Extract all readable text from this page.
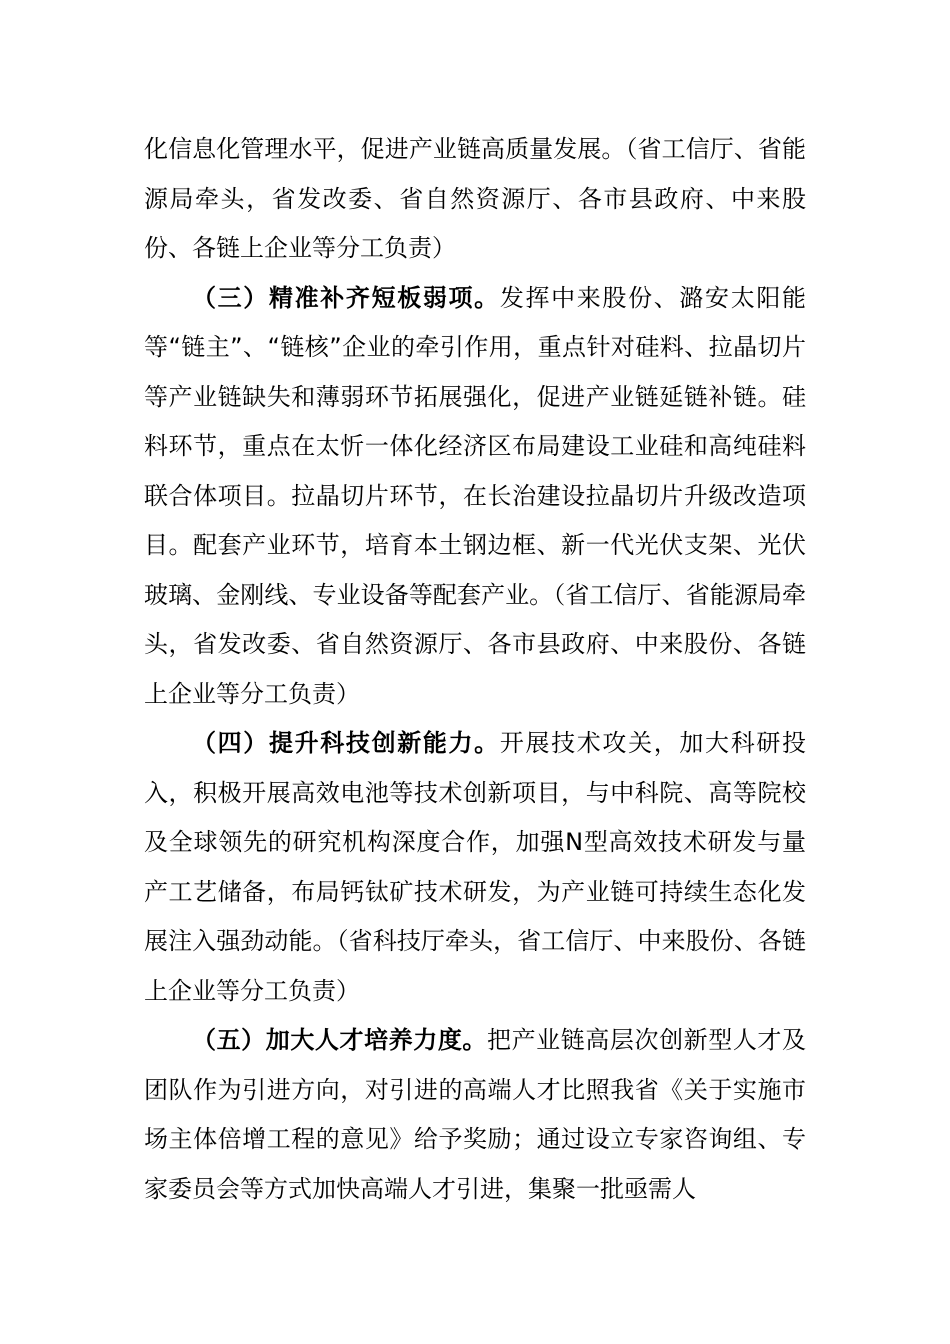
化信息化管理水平，促进产业链高质量发展。（省工信厅、省能源局牵头，省发改委、省自然资源厅、各市县政府、中来股份、各链上企业等分工负责）

（三）精准补齐短板弱项。发挥中来股份、潞安太阳能等“链主”、“链核”企业的牵引作用，重点针对硅料、拉晶切片等产业链缺失和薄弱环节拓展强化，促进产业链延链补链。硅料环节，重点在太忻一体化经济区布局建设工业硅和高纯硅料联合体项目。拉晶切片环节，在长治建设拉晶切片升级改造项目。配套产业环节，培育本土钢边框、新一代光伏支架、光伏玻璃、金刚线、专业设备等配套产业。（省工信厅、省能源局牵头，省发改委、省自然资源厅、各市县政府、中来股份、各链上企业等分工负责）

（四）提升科技创新能力。开展技术攻关，加大科研投入，积极开展高效电池等技术创新项目，与中科院、高等院校及全球领先的研究机构深度合作，加强N型高效技术研发与量产工艺储备，布局钙钛矿技术研发，为产业链可持续生态化发展注入强劲动能。（省科技厅牵头，省工信厅、中来股份、各链上企业等分工负责）

（五）加大人才培养力度。把产业链高层次创新型人才及团队作为引进方向，对引进的高端人才比照我省《关于实施市场主体倍增工程的意见》给予奖励；通过设立专家咨询组、专家委员会等方式加快高端人才引进，集聚一批亟需人
